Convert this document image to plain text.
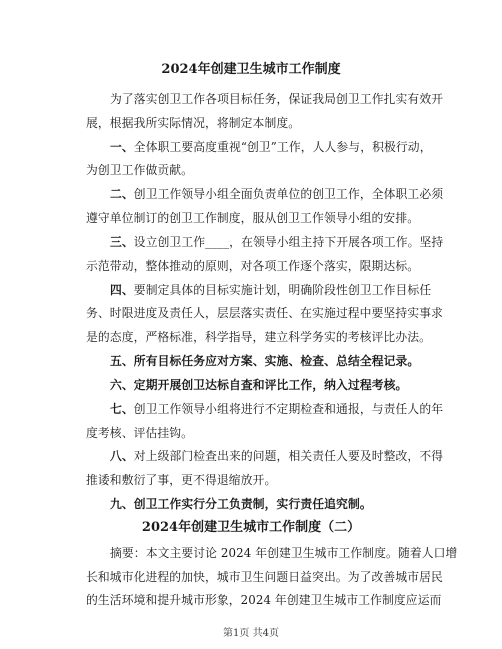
2024年创建卫生城市工作制度
为了落实创卫工作各项目标任务，保证我局创卫工作扎实有效开
展，根据我所实际情况，将制定本制度。
一、全体职工要高度重视“创卫”工作，人人参与，积极行动，
为创卫工作做贡献。
二、创卫工作领导小组全面负责单位的创卫工作，全体职工必须
遵守单位制订的创卫工作制度，服从创卫工作领导小组的安排。
三、设立创卫工作____，在领导小组主持下开展各项工作。坚持
示范带动，整体推动的原则，对各项工作逐个落实，限期达标。
四、要制定具体的目标实施计划，明确阶段性创卫工作目标任
务、时限进度及责任人，层层落实责任、在实施过程中要坚持实事求
是的态度，严格标准，科学指导，建立科学务实的考核评比办法。
五、所有目标任务应对方案、实施、检查、总结全程记录。
六、定期开展创卫达标自查和评比工作，纳入过程考核。
七、创卫工作领导小组将进行不定期检查和通报，与责任人的年
度考核、评估挂钩。
八、对上级部门检查出来的问题，相关责任人要及时整改，不得
推诿和敷衍了事，更不得退缩放开。
九、创卫工作实行分工负责制，实行责任追究制。
2024年创建卫生城市工作制度（二）
摘要：本文主要讨论 2024 年创建卫生城市工作制度。随着人口增
长和城市化进程的加快，城市卫生问题日益突出。为了改善城市居民
的生活环境和提升城市形象，2024 年创建卫生城市工作制度应运而
第1页 共4页
